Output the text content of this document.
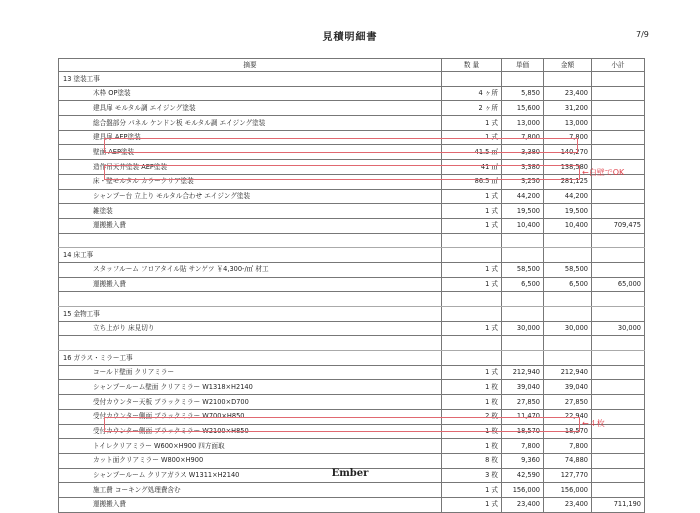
見積明細書	7/9
摘要	数 量	単価	金額	小計
13 塗装工事				
木枠 OP塗装	4 ヶ所	5,850	23,400	
建具扉 モルタル調 エイジング塗装	2 ヶ所	15,600	31,200	
総合盤部分 パネル ケンドン板 モルタル調 エイジング塗装	1 式	13,000	13,000	
建具扉 AEP塗装	1 式	7,800	7,800	
壁面 AEP塗装	41.5 ㎡	3,380	140,270	
造作吊天井塗装 AEP塗装	41 ㎡	3,380	138,580	
床・壁モルタル カラークリア塗装	86.5 ㎡	3,250	281,125	
シャンプー台 立上り モルタル合わせ エイジング塗装	1 式	44,200	44,200	
雑塗装	1 式	19,500	19,500	
運搬搬入費	1 式	10,400	10,400	709,475

14 床工事				
スタッフルーム フロアタイル貼 サンゲツ ￥4,300-/㎡ 材工	1 式	58,500	58,500	
運搬搬入費	1 式	6,500	6,500	65,000

15 金物工事				
立ち上がり 床見切り	1 式	30,000	30,000	30,000

16 ガラス・ミラー工事				
コールド壁面 クリアミラー	1 式	212,940	212,940	
シャンプールーム壁面 クリアミラー W1318×H2140	1 枚	39,040	39,040	
受付カウンター天板 ブラックミラー W2100×D700	1 枚	27,850	27,850	
受付カウンター側面 ブラックミラー W700×H850	2 枚	11,470	22,940	
受付カウンター側面 ブラックミラー W2100×H850	1 枚	18,570	18,570	
トイレクリアミラー W600×H900 四方面取	1 枚	7,800	7,800	
カット面クリアミラー W800×H900	8 枚	9,360	74,880	
シャンプールーム クリアガラス W1311×H2140	3 枚	42,590	127,770	
施工費 コーキング処理費含む	1 式	156,000	156,000	
運搬搬入費	1 式	23,400	23,400	711,190
←白壁でOK
←４枚
Ember
